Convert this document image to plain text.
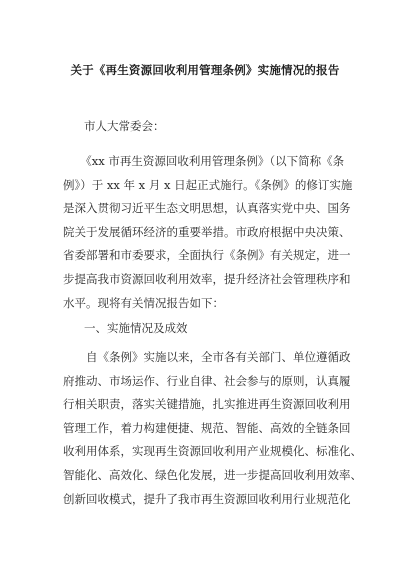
关于《再生资源回收利用管理条例》实施情况的报告
市人大常委会：
　　《xx 市再生资源回收利用管理条例》（以下简称《条
例》）于 xx 年 x 月 x 日起正式施行。《条例》的修订实施
是深入贯彻习近平生态文明思想，认真落实党中央、国务
院关于发展循环经济的重要举措。市政府根据中央决策、
省委部署和市委要求，全面执行《条例》有关规定，进一
步提高我市资源回收利用效率，提升经济社会管理秩序和
水平。现将有关情况报告如下：
一、实施情况及成效
　　自《条例》实施以来，全市各有关部门、单位遵循政
府推动、市场运作、行业自律、社会参与的原则，认真履
行相关职责，落实关键措施，扎实推进再生资源回收利用
管理工作，着力构建便捷、规范、智能、高效的全链条回
收利用体系，实现再生资源回收利用产业规模化、标准化、
智能化、高效化、绿色化发展，进一步提高回收利用效率、
创新回收模式，提升了我市再生资源回收利用行业规范化
